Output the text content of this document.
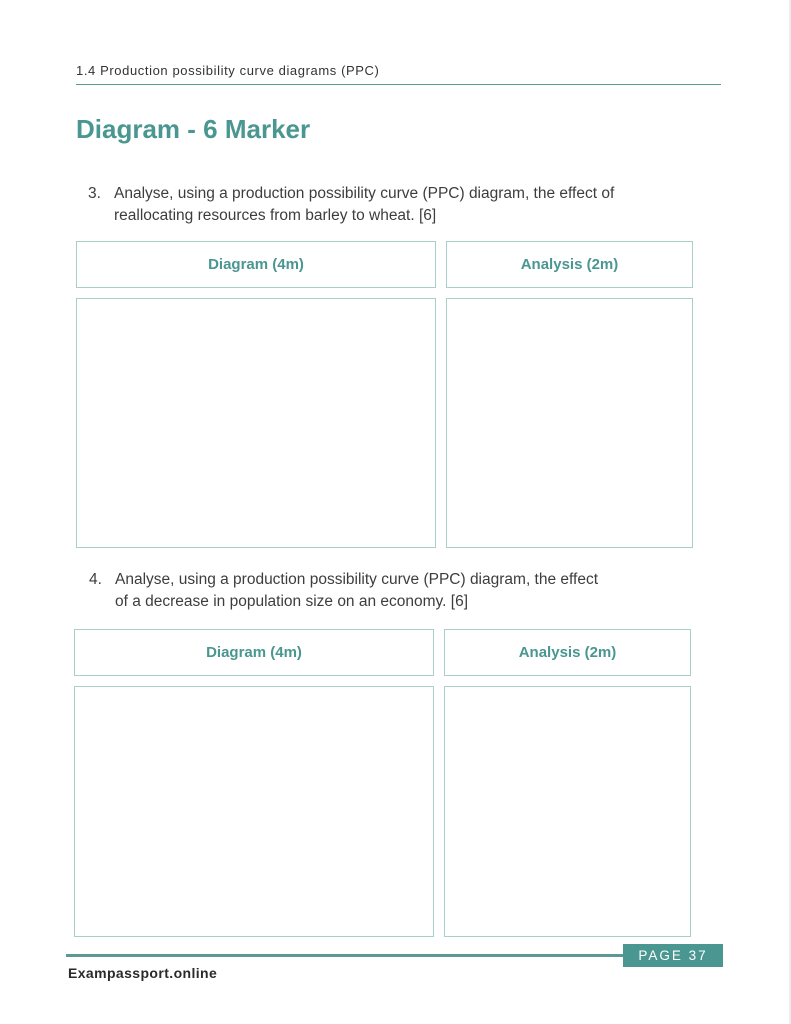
1.4 Production possibility curve diagrams (PPC)
Diagram - 6 Marker
3. Analyse, using a production possibility curve (PPC) diagram, the effect of
reallocating resources from barley to wheat. [6]
Diagram (4m)	Analysis (2m)
4. Analyse, using a production possibility curve (PPC) diagram, the effect
of a decrease in population size on an economy. [6]
Diagram (4m)	Analysis (2m)
PAGE 37
Exampassport.online
